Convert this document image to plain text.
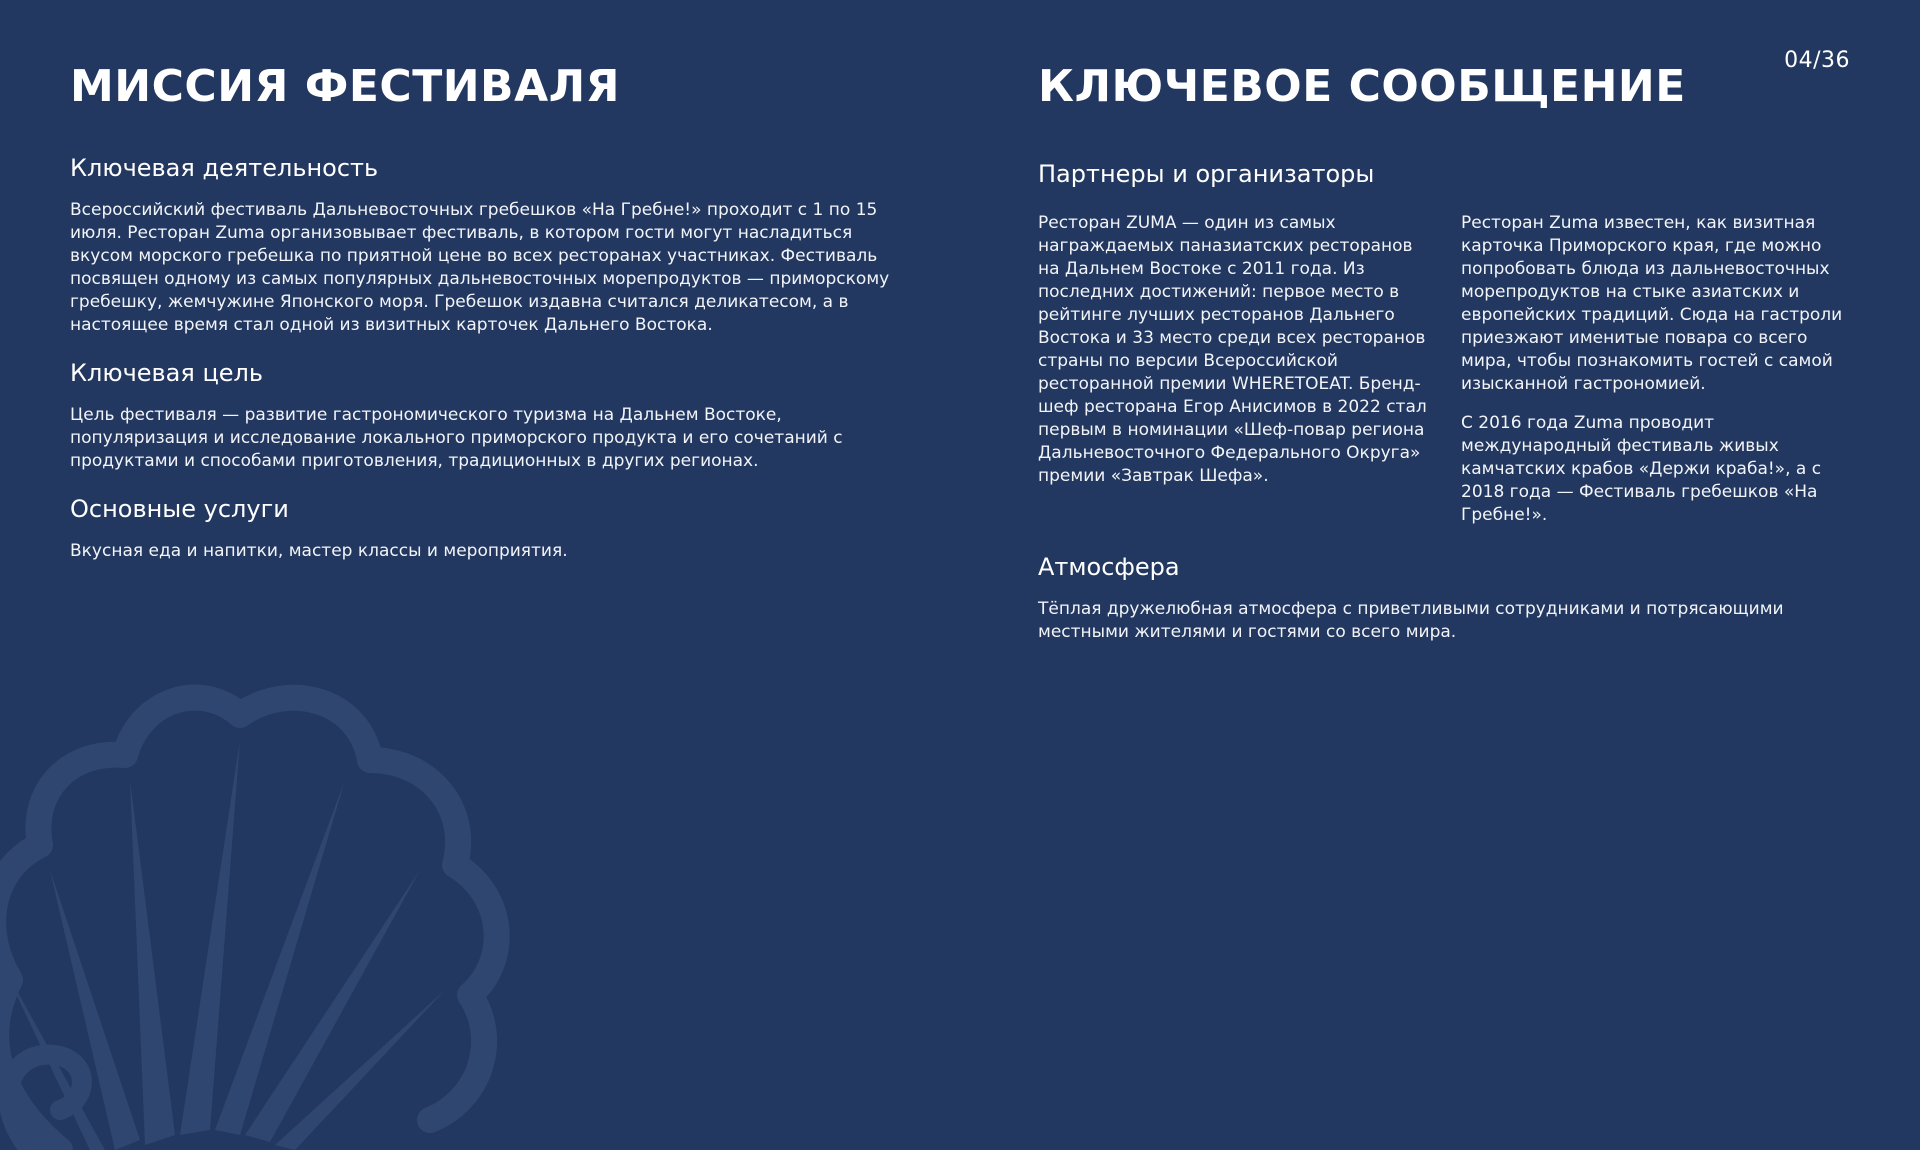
04/36
МИССИЯ ФЕСТИВАЛЯ
Ключевая деятельность

Всероссийский фестиваль Дальневосточных гребешков «На Гребне!» проходит с 1 по 15 июля. Ресторан Zuma организовывает фестиваль, в котором гости могут насладиться вкусом морского гребешка по приятной цене во всех ресторанах участниках. Фестиваль посвящен одному из самых популярных дальневосточных морепродуктов — приморскому гребешку, жемчужине Японского моря. Гребешок издавна считался деликатесом, а в настоящее время стал одной из визитных карточек Дальнего Востока.

Ключевая цель

Цель фестиваля — развитие гастрономического туризма на Дальнем Востоке, популяризация и исследование локального приморского продукта и его сочетаний с продуктами и способами приготовления, традиционных в других регионах.

Основные услуги

Вкусная еда и напитки, мастер классы и мероприятия.

КЛЮЧЕВОЕ СООБЩЕНИЕ
Партнеры и организаторы

Ресторан ZUMA — один из самых награждаемых паназиатских ресторанов на Дальнем Востоке с 2011 года. Из последних достижений: первое место в рейтинге лучших ресторанов Дальнего Востока и 33 место среди всех ресторанов страны по версии Всероссийской ресторанной премии WHERETOEAT. Бренд-шеф ресторана Егор Анисимов в 2022 стал первым в номинации «Шеф-повар региона Дальневосточного Федерального Округа» премии «Завтрак Шефа».

Ресторан Zuma известен, как визитная карточка Приморского края, где можно попробовать блюда из дальневосточных морепродуктов на стыке азиатских и европейских традиций. Сюда на гастроли приезжают именитые повара со всего мира, чтобы познакомить гостей с самой изысканной гастрономией.

С 2016 года Zuma проводит международный фестиваль живых камчатских крабов «Держи краба!», а с 2018 года — Фестиваль гребешков «На Гребне!».

Атмосфера

Тёплая дружелюбная атмосфера с приветливыми сотрудниками и потрясающими местными жителями и гостями со всего мира.
